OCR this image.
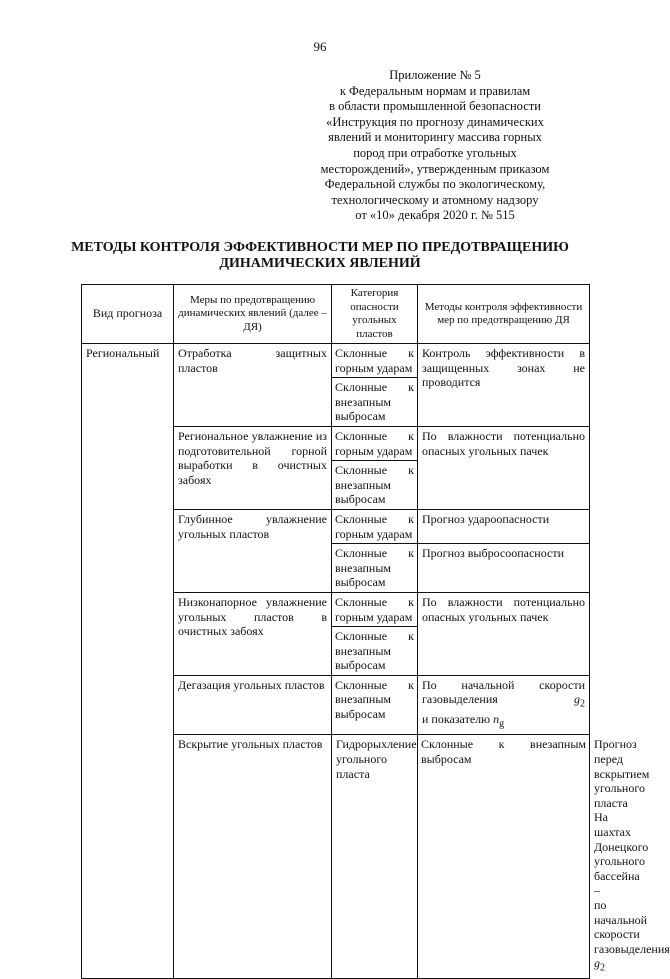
96
Приложение № 5
к Федеральным нормам и правилам
в области промышленной безопасности
«Инструкция по прогнозу динамических
явлений и мониторингу массива горных
пород при отработке угольных
месторождений», утвержденным приказом
Федеральной службы по экологическому,
технологическому и атомному надзору
от «10» декабря 2020 г. № 515
МЕТОДЫ КОНТРОЛЯ ЭФФЕКТИВНОСТИ МЕР ПО ПРЕДОТВРАЩЕНИЮ
ДИНАМИЧЕСКИХ ЯВЛЕНИЙ
Вид прогноза	Меры по предотвращению динамических явлений (далее – ДЯ)	Категория опасности угольных пластов	Методы контроля эффективности мер по предотвращению ДЯ	
Региональный	Отработка защитных пластов	Склонные к горным ударам	Контроль эффективности в защищенных зонах не проводится	
		Склонные к внезапным выбросам		
	Региональное увлажнение из подготовительной горной выработки в очистных забоях	Склонные к горным ударам	По влажности потенциально опасных угольных пачек	
		Склонные к внезапным выбросам		
	Глубинное увлажнение угольных пластов	Склонные к горным ударам	Прогноз удароопасности	
		Склонные к внезапным выбросам	Прогноз выбросоопасности	
	Низконапорное увлажнение угольных пластов в очистных забоях	Склонные к горным ударам	По влажности потенциально опасных угольных пачек	
		Склонные к внезапным выбросам		
	Дегазация угольных пластов	Склонные к внезапным выбросам	По начальной скорости газовыделения $g_2$
и показателю $n_g$

	Вскрытие угольных пластов	Гидрорыхление угольного пласта	Склонные к внезапным выбросам	Прогноз перед вскрытием угольного пласта
На шахтах Донецкого угольного бассейна – по начальной скорости газовыделения $g_2$
